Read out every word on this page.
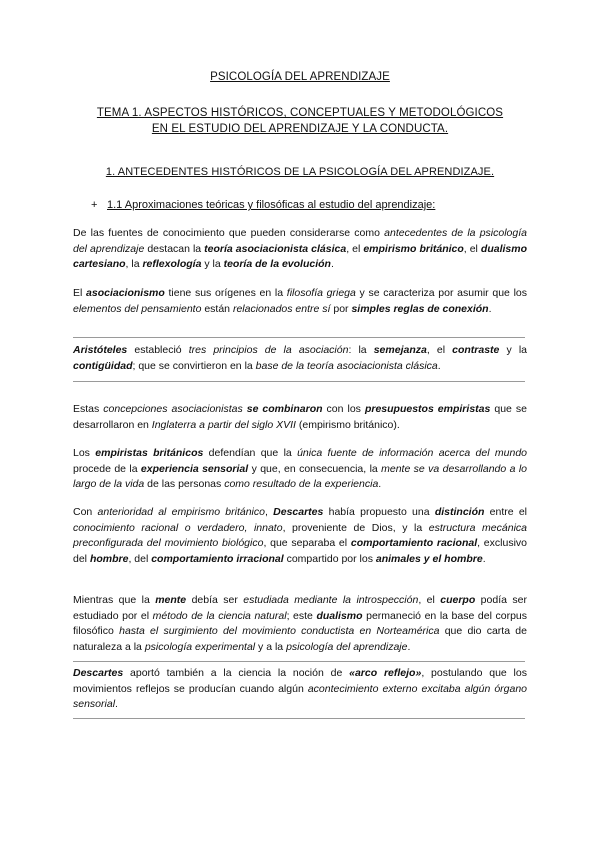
PSICOLOGÍA DEL APRENDIZAJE
TEMA 1. ASPECTOS HISTÓRICOS, CONCEPTUALES Y METODOLÓGICOS
EN EL ESTUDIO DEL APRENDIZAJE Y LA CONDUCTA.
1. ANTECEDENTES HISTÓRICOS DE LA PSICOLOGÍA DEL APRENDIZAJE.
+ 1.1 Aproximaciones teóricas y filosóficas al estudio del aprendizaje:

De las fuentes de conocimiento que pueden considerarse como antecedentes de la psicología del aprendizaje destacan la teoría asociacionista clásica, el empirismo británico, el dualismo cartesiano, la reflexología y la teoría de la evolución.

El asociacionismo tiene sus orígenes en la filosofía griega y se caracteriza por asumir que los elementos del pensamiento están relacionados entre sí por simples reglas de conexión.

Aristóteles estableció tres principios de la asociación: la semejanza, el contraste y la contigüidad; que se convirtieron en la base de la teoría asociacionista clásica.

Estas concepciones asociacionistas se combinaron con los presupuestos empiristas que se desarrollaron en Inglaterra a partir del siglo XVII (empirismo británico).

Los empiristas británicos defendían que la única fuente de información acerca del mundo procede de la experiencia sensorial y que, en consecuencia, la mente se va desarrollando a lo largo de la vida de las personas como resultado de la experiencia.

Con anterioridad al empirismo británico, Descartes había propuesto una distinción entre el conocimiento racional o verdadero, innato, proveniente de Dios, y la estructura mecánica preconfigurada del movimiento biológico, que separaba el comportamiento racional, exclusivo del hombre, del comportamiento irracional compartido por los animales y el hombre.

Mientras que la mente debía ser estudiada mediante la introspección, el cuerpo podía ser estudiado por el método de la ciencia natural; este dualismo permaneció en la base del corpus filosófico hasta el surgimiento del movimiento conductista en Norteamérica que dio carta de naturaleza a la psicología experimental y a la psicología del aprendizaje.

Descartes aportó también a la ciencia la noción de «arco reflejo», postulando que los movimientos reflejos se producían cuando algún acontecimiento externo excitaba algún órgano sensorial.
